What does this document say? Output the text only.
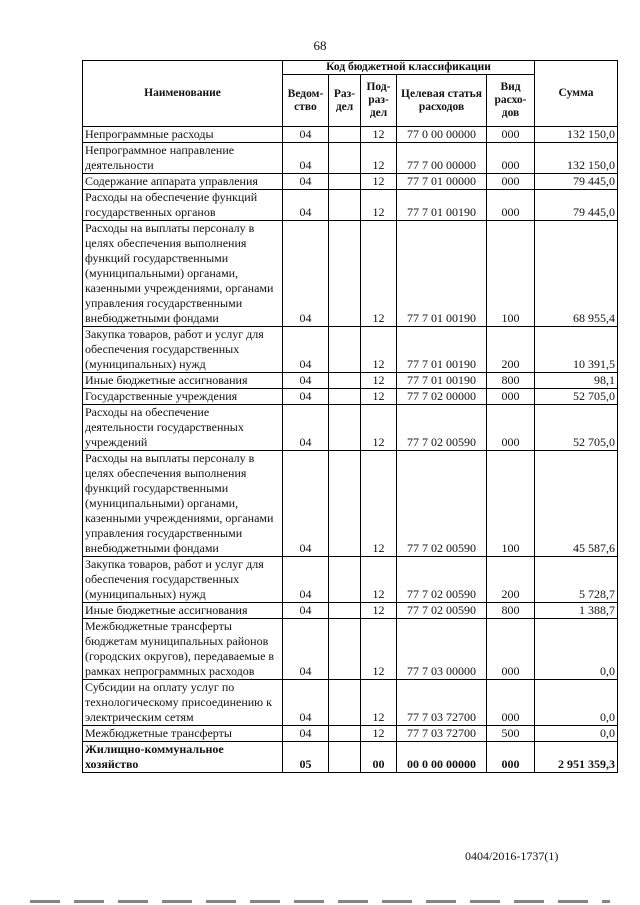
68
Наименование	Код бюджетной классификации					Сумма
	Ведом-ство	Раз-дел	Под-раз-дел	Целевая статья расходов	Вид расхо-дов	
Непрограммные расходы	04		12	77 0 00 00000	000	132 150,0
Непрограммное направление деятельности	04		12	77 7 00 00000	000	132 150,0
Содержание аппарата управления	04		12	77 7 01 00000	000	79 445,0
Расходы на обеспечение функций государственных органов	04		12	77 7 01 00190	000	79 445,0
Расходы на выплаты персоналу в целях обеспечения выполнения функций государственными (муниципальными) органами, казенными учреждениями, органами управления государственными внебюджетными фондами	04		12	77 7 01 00190	100	68 955,4
Закупка товаров, работ и услуг для обеспечения государственных (муниципальных) нужд	04		12	77 7 01 00190	200	10 391,5
Иные бюджетные ассигнования	04		12	77 7 01 00190	800	98,1
Государственные учреждения	04		12	77 7 02 00000	000	52 705,0
Расходы на обеспечение деятельности государственных учреждений	04		12	77 7 02 00590	000	52 705,0
Расходы на выплаты персоналу в целях обеспечения выполнения функций государственными (муниципальными) органами, казенными учреждениями, органами управления государственными внебюджетными фондами	04		12	77 7 02 00590	100	45 587,6
Закупка товаров, работ и услуг для обеспечения государственных (муниципальных) нужд	04		12	77 7 02 00590	200	5 728,7
Иные бюджетные ассигнования	04		12	77 7 02 00590	800	1 388,7
Межбюджетные трансферты бюджетам муниципальных районов (городских округов), передаваемые в рамках непрограммных расходов	04		12	77 7 03 00000	000	0,0
Субсидии на оплату услуг по технологическому присоединению к электрическим сетям	04		12	77 7 03 72700	000	0,0
Межбюджетные трансферты	04		12	77 7 03 72700	500	0,0
Жилищно-коммунальное хозяйство	05		00	00 0 00 00000	000	2 951 359,3
0404/2016-1737(1)
